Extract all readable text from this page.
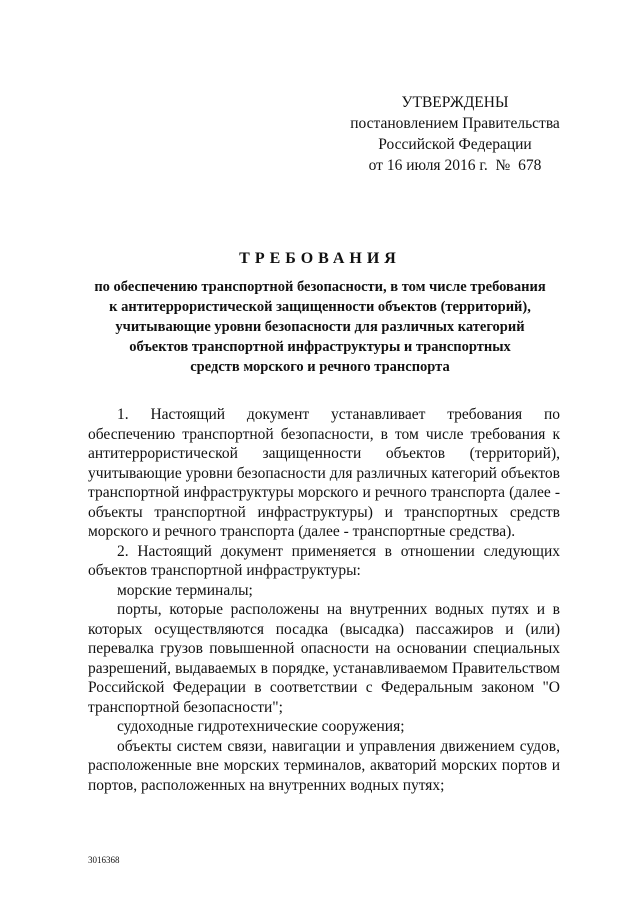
УТВЕРЖДЕНЫ
постановлением Правительства
Российской Федерации
от 16 июля 2016 г.  №  678
ТРЕБОВАНИЯ
по обеспечению транспортной безопасности, в том числе требования
к антитеррористической защищенности объектов (территорий),
учитывающие уровни безопасности для различных категорий
объектов транспортной инфраструктуры и транспортных
средств морского и речного транспорта

1. Настоящий документ устанавливает требования по обеспечению транспортной безопасности, в том числе требования к антитеррористической защищенности объектов (территорий), учитывающие уровни безопасности для различных категорий объектов транспортной инфраструктуры морского и речного транспорта (далее - объекты транспортной инфраструктуры) и транспортных средств морского и речного транспорта (далее - транспортные средства).

2. Настоящий документ применяется в отношении следующих объектов транспортной инфраструктуры:

морские терминалы;

порты, которые расположены на внутренних водных путях и в которых осуществляются посадка (высадка) пассажиров и (или) перевалка грузов повышенной опасности на основании специальных разрешений, выдаваемых в порядке, устанавливаемом Правительством Российской Федерации в соответствии с Федеральным законом "О транспортной безопасности";

судоходные гидротехнические сооружения;

объекты систем связи, навигации и управления движением судов, расположенные вне морских терминалов, акваторий морских портов и портов, расположенных на внутренних водных путях;

3016368
